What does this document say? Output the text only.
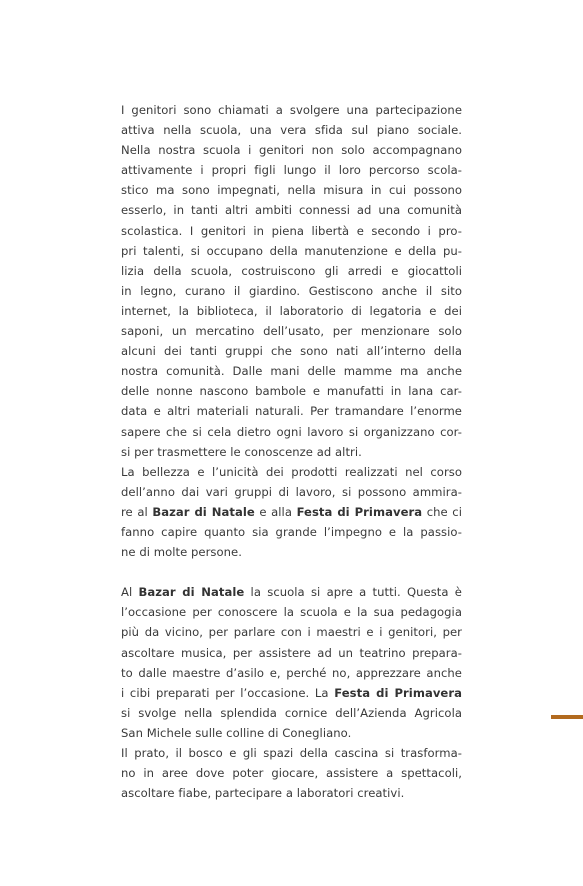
I genitori sono chiamati a svolgere una partecipazione
attiva nella scuola, una vera sfida sul piano sociale.
Nella nostra scuola i genitori non solo accompagnano
attivamente i propri figli lungo il loro percorso scola-
stico ma sono impegnati, nella misura in cui possono
esserlo, in tanti altri ambiti connessi ad una comunità
scolastica. I genitori in piena libertà e secondo i pro-
pri talenti, si occupano della manutenzione e della pu-
lizia della scuola, costruiscono gli arredi e giocattoli
in legno, curano il giardino. Gestiscono anche il sito
internet, la biblioteca, il laboratorio di legatoria e dei
saponi, un mercatino dell’usato, per menzionare solo
alcuni dei tanti gruppi che sono nati all’interno della
nostra comunità. Dalle mani delle mamme ma anche
delle nonne nascono bambole e manufatti in lana car-
data e altri materiali naturali. Per tramandare l’enorme
sapere che si cela dietro ogni lavoro si organizzano cor-
si per trasmettere le conoscenze ad altri.
La bellezza e l’unicità dei prodotti realizzati nel corso
dell’anno dai vari gruppi di lavoro, si possono ammira-
re al Bazar di Natale e alla Festa di Primavera che ci
fanno capire quanto sia grande l’impegno e la passio-
ne di molte persone.
Al Bazar di Natale la scuola si apre a tutti. Questa è
l’occasione per conoscere la scuola e la sua pedagogia
più da vicino, per parlare con i maestri e i genitori, per
ascoltare musica, per assistere ad un teatrino prepara-
to dalle maestre d’asilo e, perché no, apprezzare anche
i cibi preparati per l’occasione. La Festa di Primavera
si svolge nella splendida cornice dell’Azienda Agricola
San Michele sulle colline di Conegliano.
Il prato, il bosco e gli spazi della cascina si trasforma-
no in aree dove poter giocare, assistere a spettacoli,
ascoltare fiabe, partecipare a laboratori creativi.
